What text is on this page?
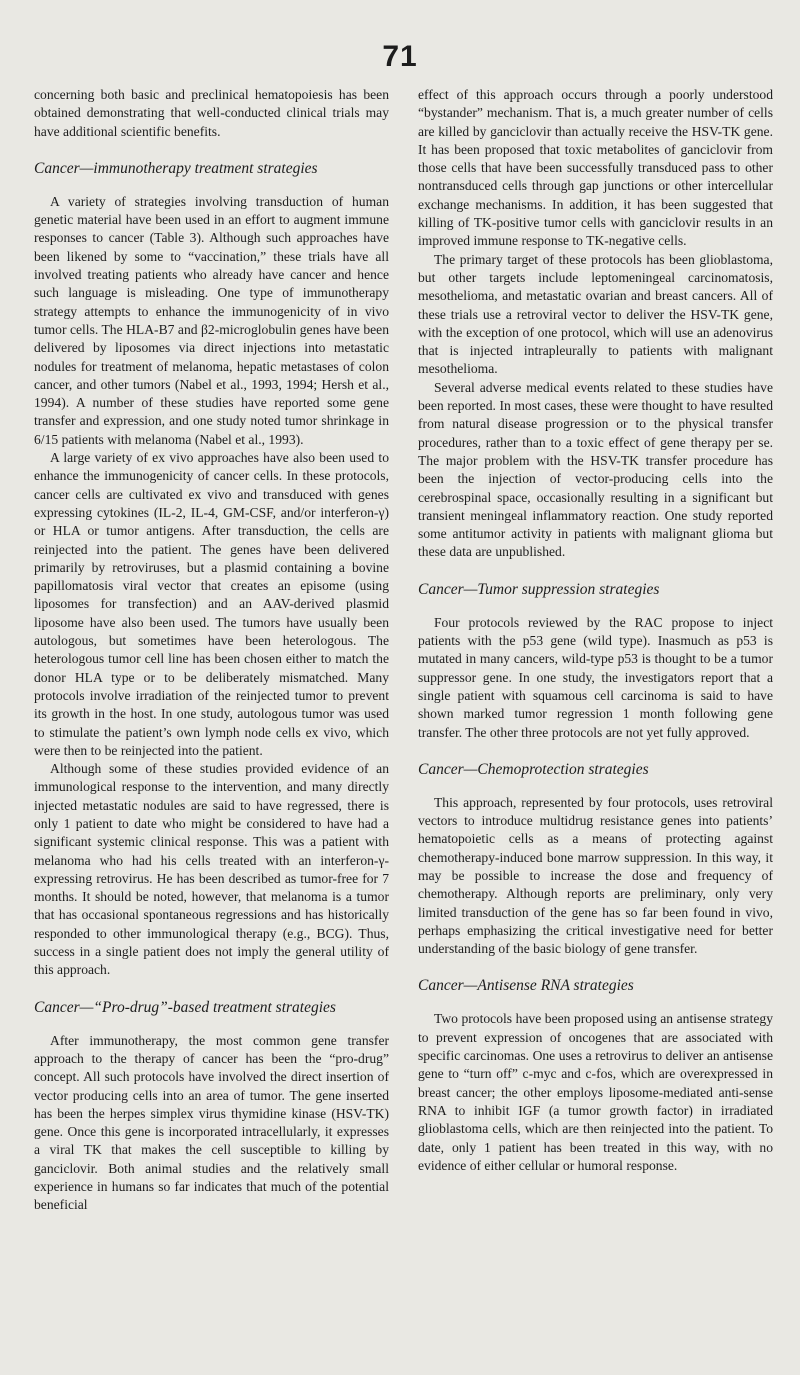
71

concerning both basic and preclinical hematopoiesis has been obtained demonstrating that well-conducted clinical trials may have additional scientific benefits.

Cancer—immunotherapy treatment strategies

A variety of strategies involving transduction of human genetic material have been used in an effort to augment immune responses to cancer (Table 3). Although such approaches have been likened by some to “vaccination,” these trials have all involved treating patients who already have cancer and hence such language is misleading. One type of immunotherapy strategy attempts to enhance the immunogenicity of in vivo tumor cells. The HLA-B7 and β2-microglobulin genes have been delivered by liposomes via direct injections into metastatic nodules for treatment of melanoma, hepatic metastases of colon cancer, and other tumors (Nabel et al., 1993, 1994; Hersh et al., 1994). A number of these studies have reported some gene transfer and expression, and one study noted tumor shrinkage in 6/15 patients with melanoma (Nabel et al., 1993).

A large variety of ex vivo approaches have also been used to enhance the immunogenicity of cancer cells. In these protocols, cancer cells are cultivated ex vivo and transduced with genes expressing cytokines (IL-2, IL-4, GM-CSF, and/or interferon-γ) or HLA or tumor antigens. After transduction, the cells are reinjected into the patient. The genes have been delivered primarily by retroviruses, but a plasmid containing a bovine papillomatosis viral vector that creates an episome (using liposomes for transfection) and an AAV-derived plasmid liposome have also been used. The tumors have usually been autologous, but sometimes have been heterologous. The heterologous tumor cell line has been chosen either to match the donor HLA type or to be deliberately mismatched. Many protocols involve irradiation of the reinjected tumor to prevent its growth in the host. In one study, autologous tumor was used to stimulate the patient’s own lymph node cells ex vivo, which were then to be reinjected into the patient.

Although some of these studies provided evidence of an immunological response to the intervention, and many directly injected metastatic nodules are said to have regressed, there is only 1 patient to date who might be considered to have had a significant systemic clinical response. This was a patient with melanoma who had his cells treated with an interferon-γ-expressing retrovirus. He has been described as tumor-free for 7 months. It should be noted, however, that melanoma is a tumor that has occasional spontaneous regressions and has historically responded to other immunological therapy (e.g., BCG). Thus, success in a single patient does not imply the general utility of this approach.

Cancer—“Pro-drug”-based treatment strategies

After immunotherapy, the most common gene transfer approach to the therapy of cancer has been the “pro-drug” concept. All such protocols have involved the direct insertion of vector producing cells into an area of tumor. The gene inserted has been the herpes simplex virus thymidine kinase (HSV-TK) gene. Once this gene is incorporated intracellularly, it expresses a viral TK that makes the cell susceptible to killing by ganciclovir. Both animal studies and the relatively small experience in humans so far indicates that much of the potential beneficial

effect of this approach occurs through a poorly understood “bystander” mechanism. That is, a much greater number of cells are killed by ganciclovir than actually receive the HSV-TK gene. It has been proposed that toxic metabolites of ganciclovir from those cells that have been successfully transduced pass to other nontransduced cells through gap junctions or other intercellular exchange mechanisms. In addition, it has been suggested that killing of TK-positive tumor cells with ganciclovir results in an improved immune response to TK-negative cells.

The primary target of these protocols has been glioblastoma, but other targets include leptomeningeal carcinomatosis, mesothelioma, and metastatic ovarian and breast cancers. All of these trials use a retroviral vector to deliver the HSV-TK gene, with the exception of one protocol, which will use an adenovirus that is injected intrapleurally to patients with malignant mesothelioma.

Several adverse medical events related to these studies have been reported. In most cases, these were thought to have resulted from natural disease progression or to the physical transfer procedures, rather than to a toxic effect of gene therapy per se. The major problem with the HSV-TK transfer procedure has been the injection of vector-producing cells into the cerebrospinal space, occasionally resulting in a significant but transient meningeal inflammatory reaction. One study reported some antitumor activity in patients with malignant glioma but these data are unpublished.

Cancer—Tumor suppression strategies

Four protocols reviewed by the RAC propose to inject patients with the p53 gene (wild type). Inasmuch as p53 is mutated in many cancers, wild-type p53 is thought to be a tumor suppressor gene. In one study, the investigators report that a single patient with squamous cell carcinoma is said to have shown marked tumor regression 1 month following gene transfer. The other three protocols are not yet fully approved.

Cancer—Chemoprotection strategies

This approach, represented by four protocols, uses retroviral vectors to introduce multidrug resistance genes into patients’ hematopoietic cells as a means of protecting against chemotherapy-induced bone marrow suppression. In this way, it may be possible to increase the dose and frequency of chemotherapy. Although reports are preliminary, only very limited transduction of the gene has so far been found in vivo, perhaps emphasizing the critical investigative need for better understanding of the basic biology of gene transfer.

Cancer—Antisense RNA strategies

Two protocols have been proposed using an antisense strategy to prevent expression of oncogenes that are associated with specific carcinomas. One uses a retrovirus to deliver an antisense gene to “turn off” c-myc and c-fos, which are overexpressed in breast cancer; the other employs liposome-mediated anti-sense RNA to inhibit IGF (a tumor growth factor) in irradiated glioblastoma cells, which are then reinjected into the patient. To date, only 1 patient has been treated in this way, with no evidence of either cellular or humoral response.
